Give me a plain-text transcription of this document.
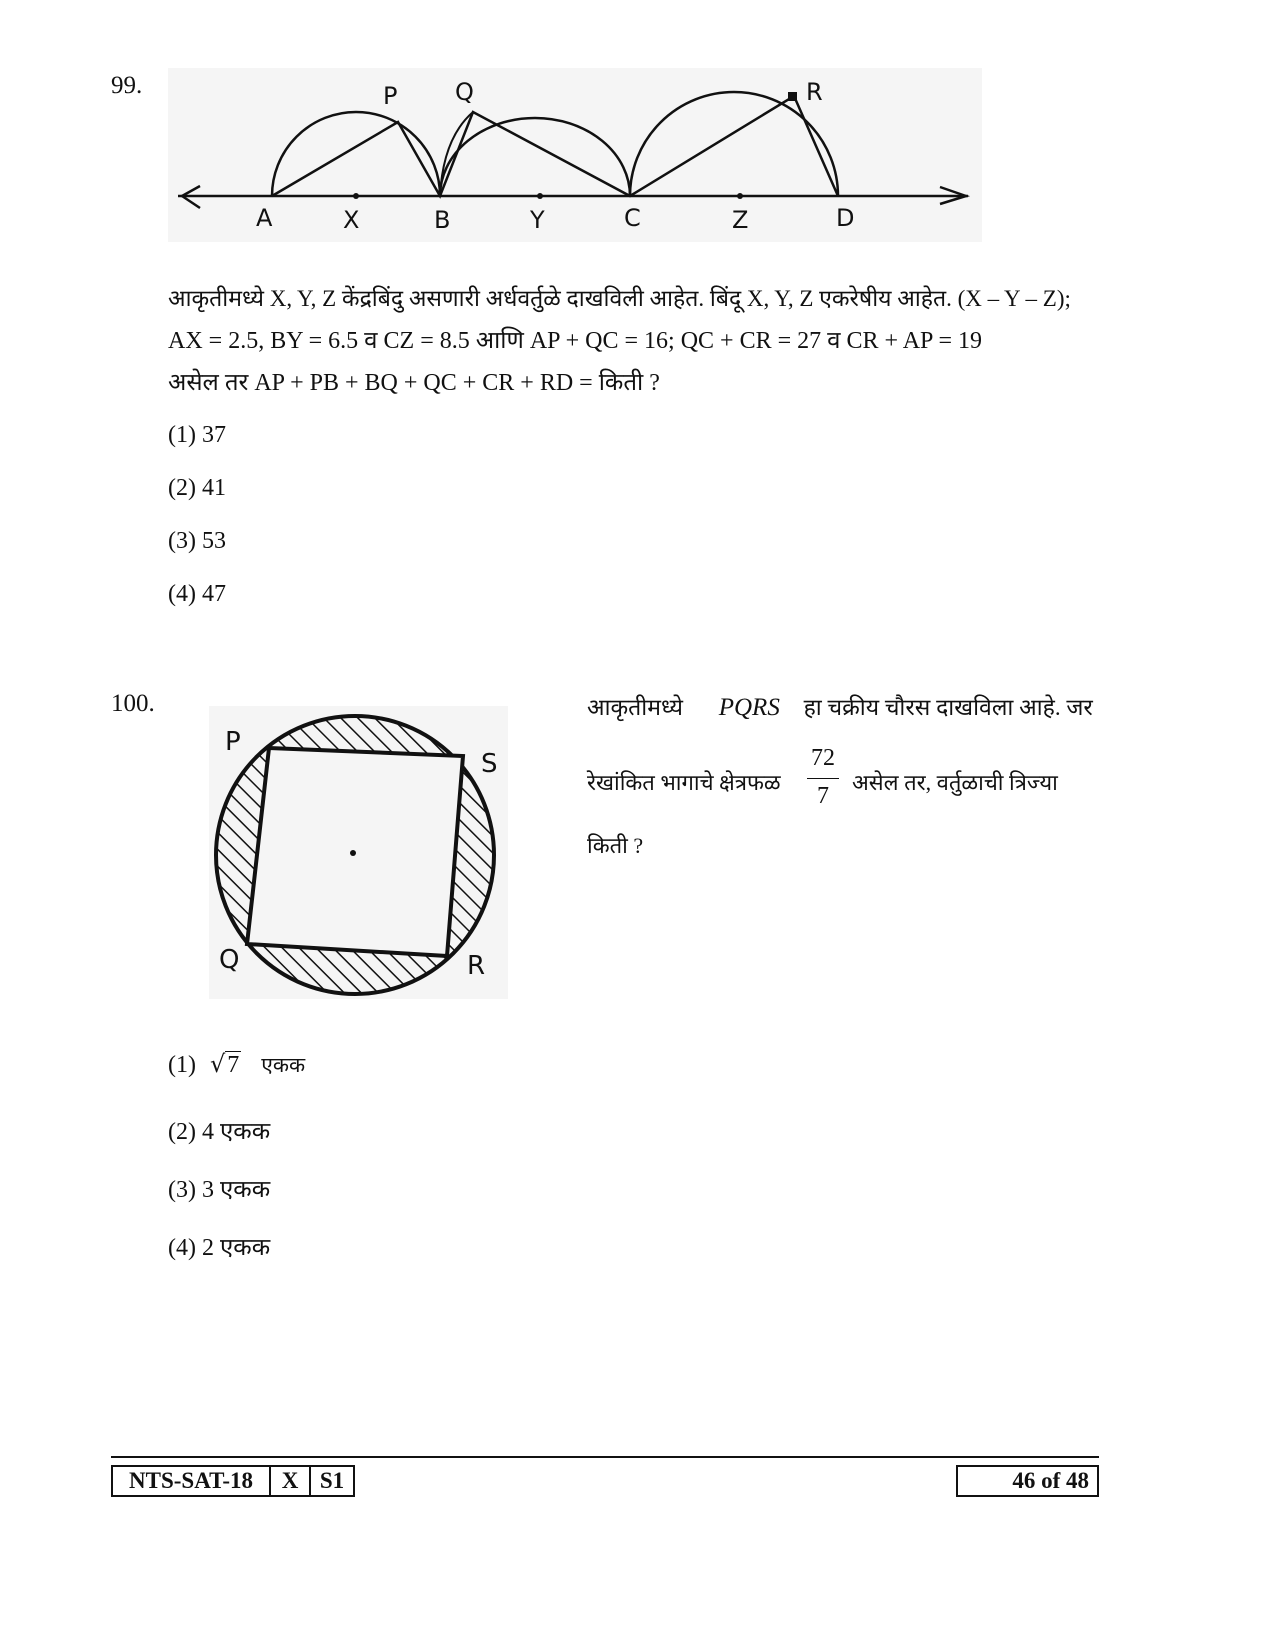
99.	P Q	R
A	X	B	Y	C	Z	D
आकृतीमध्ये X, Y, Z केंद्रबिंदु असणारी अर्धवर्तुळे दाखविली आहेत. बिंदू X, Y, Z एकरेषीय आहेत. (X – Y – Z);
AX = 2.5, BY = 6.5 व CZ = 8.5 आणि AP + QC = 16; QC + CR = 27 व CR + AP = 19
असेल तर AP + PB + BQ + QC + CR + RD = किती ?
(1) 37
(2) 41
(3) 53
(4) 47
100.
P
S
Q	R
आकृतीमध्ये PQRS हा चक्रीय चौरस दाखविला आहे. जर
रेखांकित भागाचे क्षेत्रफळ
72
7
असेल तर, वर्तुळाची त्रिज्या
किती ?
(1) √7 एकक
(2) 4 एकक
(3) 3 एकक
(4) 2 एकक
NTS-SAT-18	X S1	46 of 48
